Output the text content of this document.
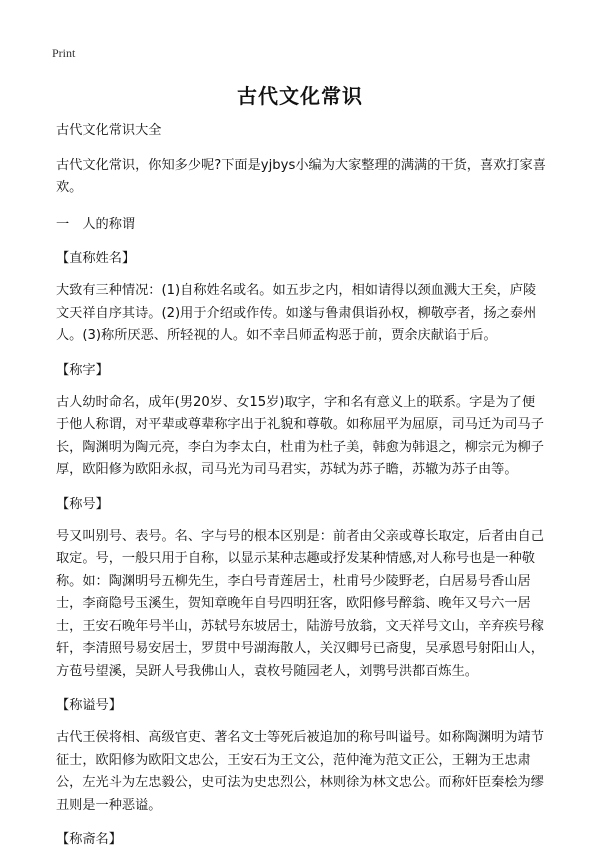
Print
古代文化常识

古代文化常识大全

古代文化常识，你知多少呢?下面是yjbys小编为大家整理的满满的干货，喜欢打家喜欢。

一　人的称谓

【 直称姓名 】

大致有三种情况：(1)自称姓名或名。如五步之内，相如请得以颈血溅大王矣，庐陵文天祥自序其诗。(2)用于介绍或作传。如遂与鲁肃俱诣孙权，柳敬亭者，扬之泰州人。(3)称所厌恶、所轻视的人。如不幸吕师孟构恶于前，贾余庆献谄于后。

【 称字 】

古人幼时命名，成年(男20岁、女15岁)取字，字和名有意义上的联系。字是为了便于他人称谓，对平辈或尊辈称字出于礼貌和尊敬。如称屈平为屈原，司马迁为司马子长，陶渊明为陶元亮，李白为李太白，杜甫为杜子美，韩愈为韩退之，柳宗元为柳子厚，欧阳修为欧阳永叔，司马光为司马君实，苏轼为苏子瞻，苏辙为苏子由等。

【 称号 】

号又叫别号、表号。名、字与号的根本区别是：前者由父亲或尊长取定，后者由自己取定。号，一般只用于自称，以显示某种志趣或抒发某种情感,对人称号也是一种敬称。如：陶渊明号五柳先生，李白号青莲居士，杜甫号少陵野老，白居易号香山居士，李商隐号玉溪生，贺知章晚年自号四明狂客，欧阳修号醉翁、晚年又号六一居士，王安石晚年号半山，苏轼号东坡居士，陆游号放翁，文天祥号文山，辛弃疾号稼轩，李清照号易安居士，罗贯中号湖海散人，关汉卿号已斋叟，吴承恩号射阳山人，方苞号望溪，吴趼人号我佛山人，袁枚号随园老人，刘鹗号洪都百炼生。

【 称谥号 】

古代王侯将相、高级官吏、著名文士等死后被追加的称号叫谥号。如称陶渊明为靖节征士，欧阳修为欧阳文忠公，王安石为王文公，范仲淹为范文正公，王翱为王忠肃公，左光斗为左忠毅公，史可法为史忠烈公，林则徐为林文忠公。而称奸臣秦桧为缪丑则是一种恶谥。

【 称斋名 】
